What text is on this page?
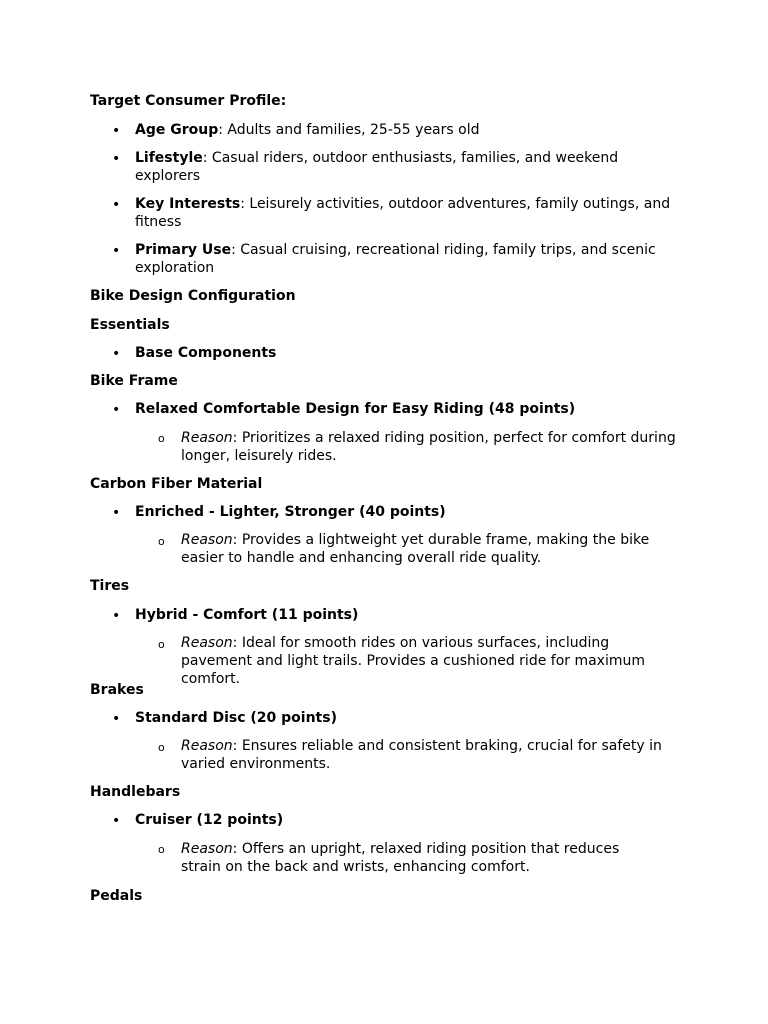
Target Consumer Profile:
• Age Group: Adults and families, 25-55 years old
• Lifestyle: Casual riders, outdoor enthusiasts, families, and weekend explorers
• Key Interests: Leisurely activities, outdoor adventures, family outings, and fitness
• Primary Use: Casual cruising, recreational riding, family trips, and scenic exploration
Bike Design Configuration
Essentials
• Base Components
Bike Frame
• Relaxed Comfortable Design for Easy Riding (48 points)
o Reason: Prioritizes a relaxed riding position, perfect for comfort during longer, leisurely rides.
Carbon Fiber Material
• Enriched - Lighter, Stronger (40 points)
o Reason: Provides a lightweight yet durable frame, making the bike easier to handle and enhancing overall ride quality.
Tires
• Hybrid - Comfort (11 points)
o Reason: Ideal for smooth rides on various surfaces, including pavement and light trails. Provides a cushioned ride for maximum comfort.
Brakes
• Standard Disc (20 points)
o Reason: Ensures reliable and consistent braking, crucial for safety in varied environments.
Handlebars
• Cruiser (12 points)
o Reason: Offers an upright, relaxed riding position that reduces strain on the back and wrists, enhancing comfort.
Pedals
